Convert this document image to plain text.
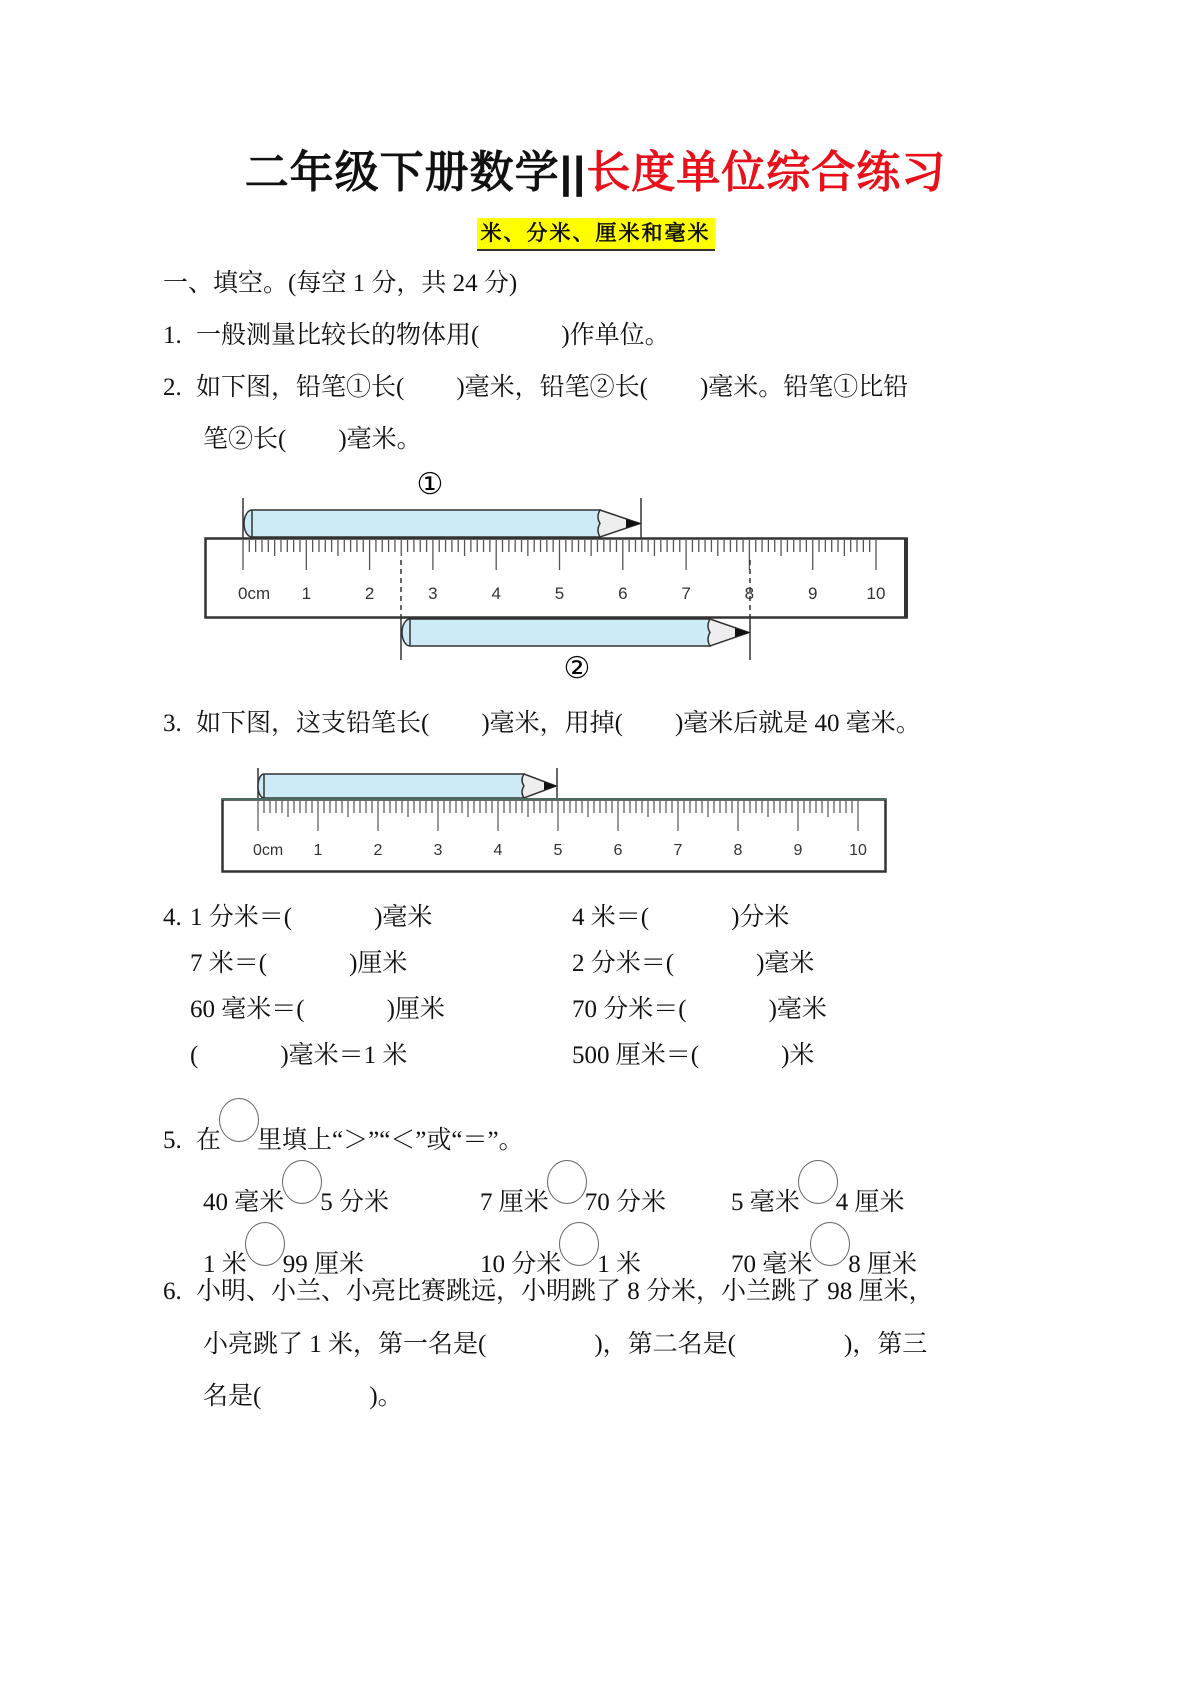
二年级下册数学||长度单位综合练习
米、分米、厘米和毫米
一、填空。(每空 1 分，共 24 分)
1. 一般测量比较长的物体用(	)作单位。
2. 如下图，铅笔①长( )毫米，铅笔②长( )毫米。铅笔①比铅
笔②长( )毫米。
①
0cm 1	2	3	4	5	6	7	8	9	10
②
3. 如下图，这支铅笔长( )毫米，用掉( )毫米后就是 40 毫米。
0cm 1	2	3	4	5	6	7	8	9	10
4. 1 分米＝(	)毫米	4 米＝(	)分米
7 米＝(	)厘米	2 分米＝(	)毫米
60 毫米＝(	)厘米	70 分米＝(	)毫米
(	)毫米＝1 米	500 厘米＝(	)米
5. 在 里填上“＞”“＜”或“＝”。
40 毫米 5 分米	7 厘米 70 分米	5 毫米 4 厘米
1 米 99 厘米	10 分米 1 米	70 毫米 8 厘米
6. 小明、小兰、小亮比赛跳远，小明跳了 8 分米，小兰跳了 98 厘米，
小亮跳了 1 米，第一名是(	)，第二名是(	)，第三
名是(	)。
